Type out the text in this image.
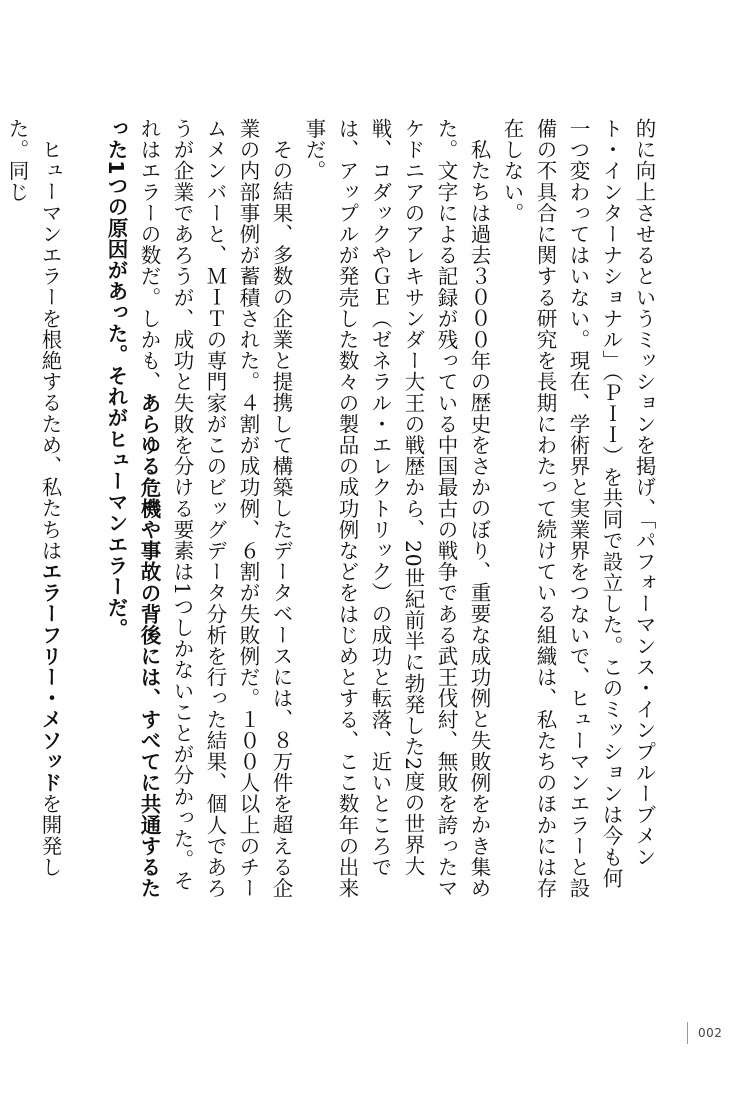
的に向上させるというミッションを掲げ、「パフォーマンス・インプルーブメント・インターナショナル」（ＰＩＩ）を共同で設立した。このミッションは今も何一つ変わってはいない。現在、学術界と実業界をつないで、ヒューマンエラーと設備の不具合に関する研究を長期にわたって続けている組織は、私たちのほかには存在しない。

私たちは過去３０００年の歴史をさかのぼり、重要な成功例と失敗例をかき集めた。文字による記録が残っている中国最古の戦争である武王伐紂、無敗を誇ったマケドニアのアレキサンダー大王の戦歴から、20世紀前半に勃発した2度の世界大戦、コダックやＧＥ（ゼネラル・エレクトリック）の成功と転落、近いところでは、アップルが発売した数々の製品の成功例などをはじめとする、ここ数年の出来事だ。

その結果、多数の企業と提携して構築したデータベースには、８万件を超える企業の内部事例が蓄積された。４割が成功例、６割が失敗例だ。１００人以上のチームメンバーと、ＭＩＴの専門家がこのビッグデータ分析を行った結果、個人であろうが企業であろうが、成功と失敗を分ける要素は1つしかないことが分かった。それはエラーの数だ。しかも、あらゆる危機や事故の背後には、すべてに共通するたった1つの原因があった。それがヒューマンエラーだ。

ヒューマンエラーを根絶するため、私たちはエラーフリー・メソッドを開発した。同じ

002
